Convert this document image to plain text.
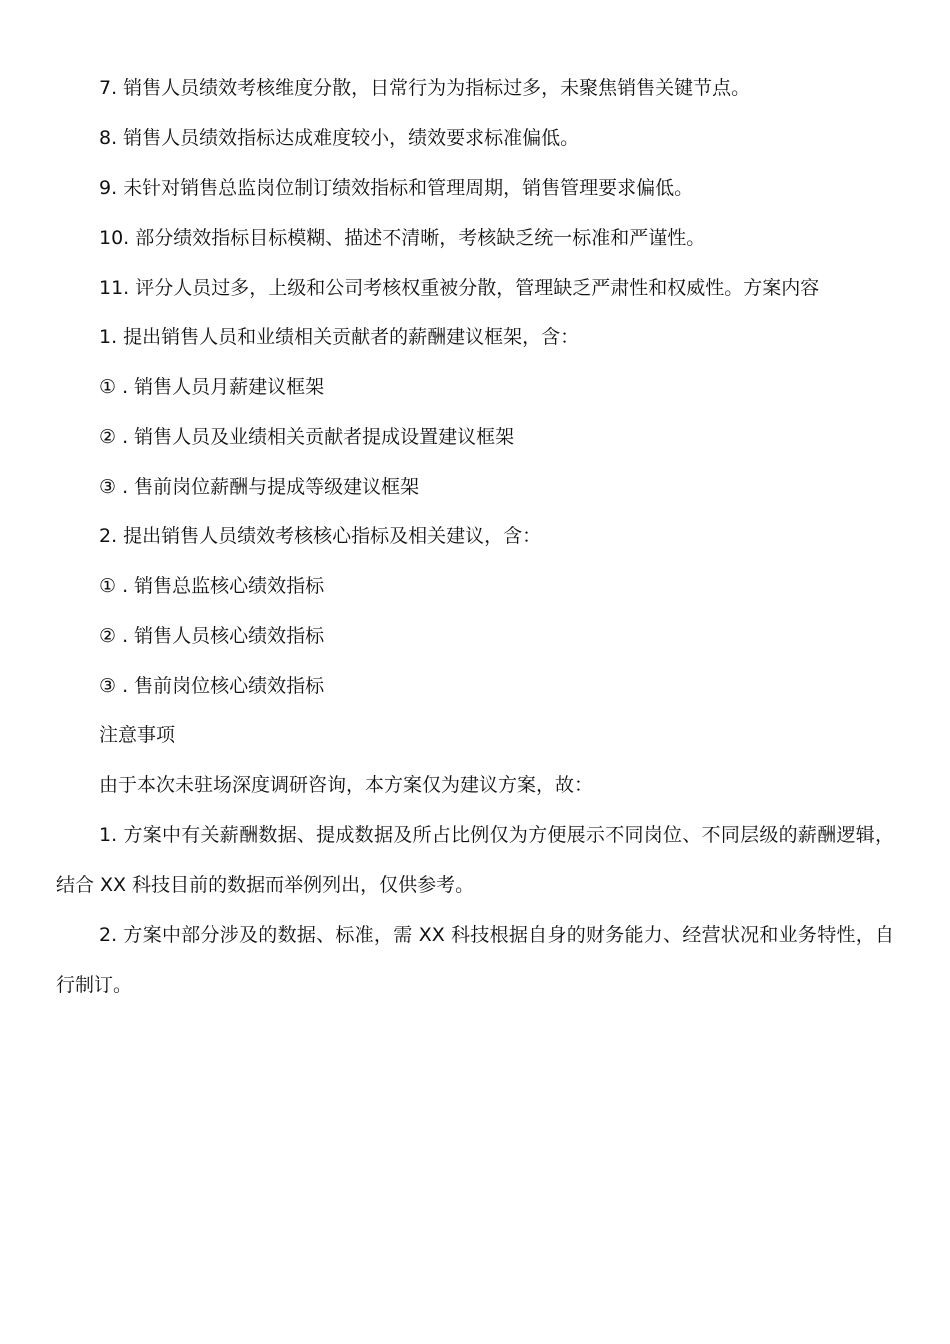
7. 销售人员绩效考核维度分散，日常行为为指标过多，未聚焦销售关键节点。
8. 销售人员绩效指标达成难度较小，绩效要求标准偏低。
9. 未针对销售总监岗位制订绩效指标和管理周期，销售管理要求偏低。
10. 部分绩效指标目标模糊、描述不清晰，考核缺乏统一标准和严谨性。
11. 评分人员过多，上级和公司考核权重被分散，管理缺乏严肃性和权威性。方案内容
1. 提出销售人员和业绩相关贡献者的薪酬建议框架，含：
① . 销售人员月薪建议框架
② . 销售人员及业绩相关贡献者提成设置建议框架
③ . 售前岗位薪酬与提成等级建议框架
2. 提出销售人员绩效考核核心指标及相关建议，含：
① . 销售总监核心绩效指标
② . 销售人员核心绩效指标
③ . 售前岗位核心绩效指标
注意事项
由于本次未驻场深度调研咨询，本方案仅为建议方案，故：
1. 方案中有关薪酬数据、提成数据及所占比例仅为方便展示不同岗位、不同层级的薪酬逻辑，结合 XX 科技目前的数据而举例列出，仅供参考。
2. 方案中部分涉及的数据、标准，需 XX 科技根据自身的财务能力、经营状况和业务特性，自行制订。
